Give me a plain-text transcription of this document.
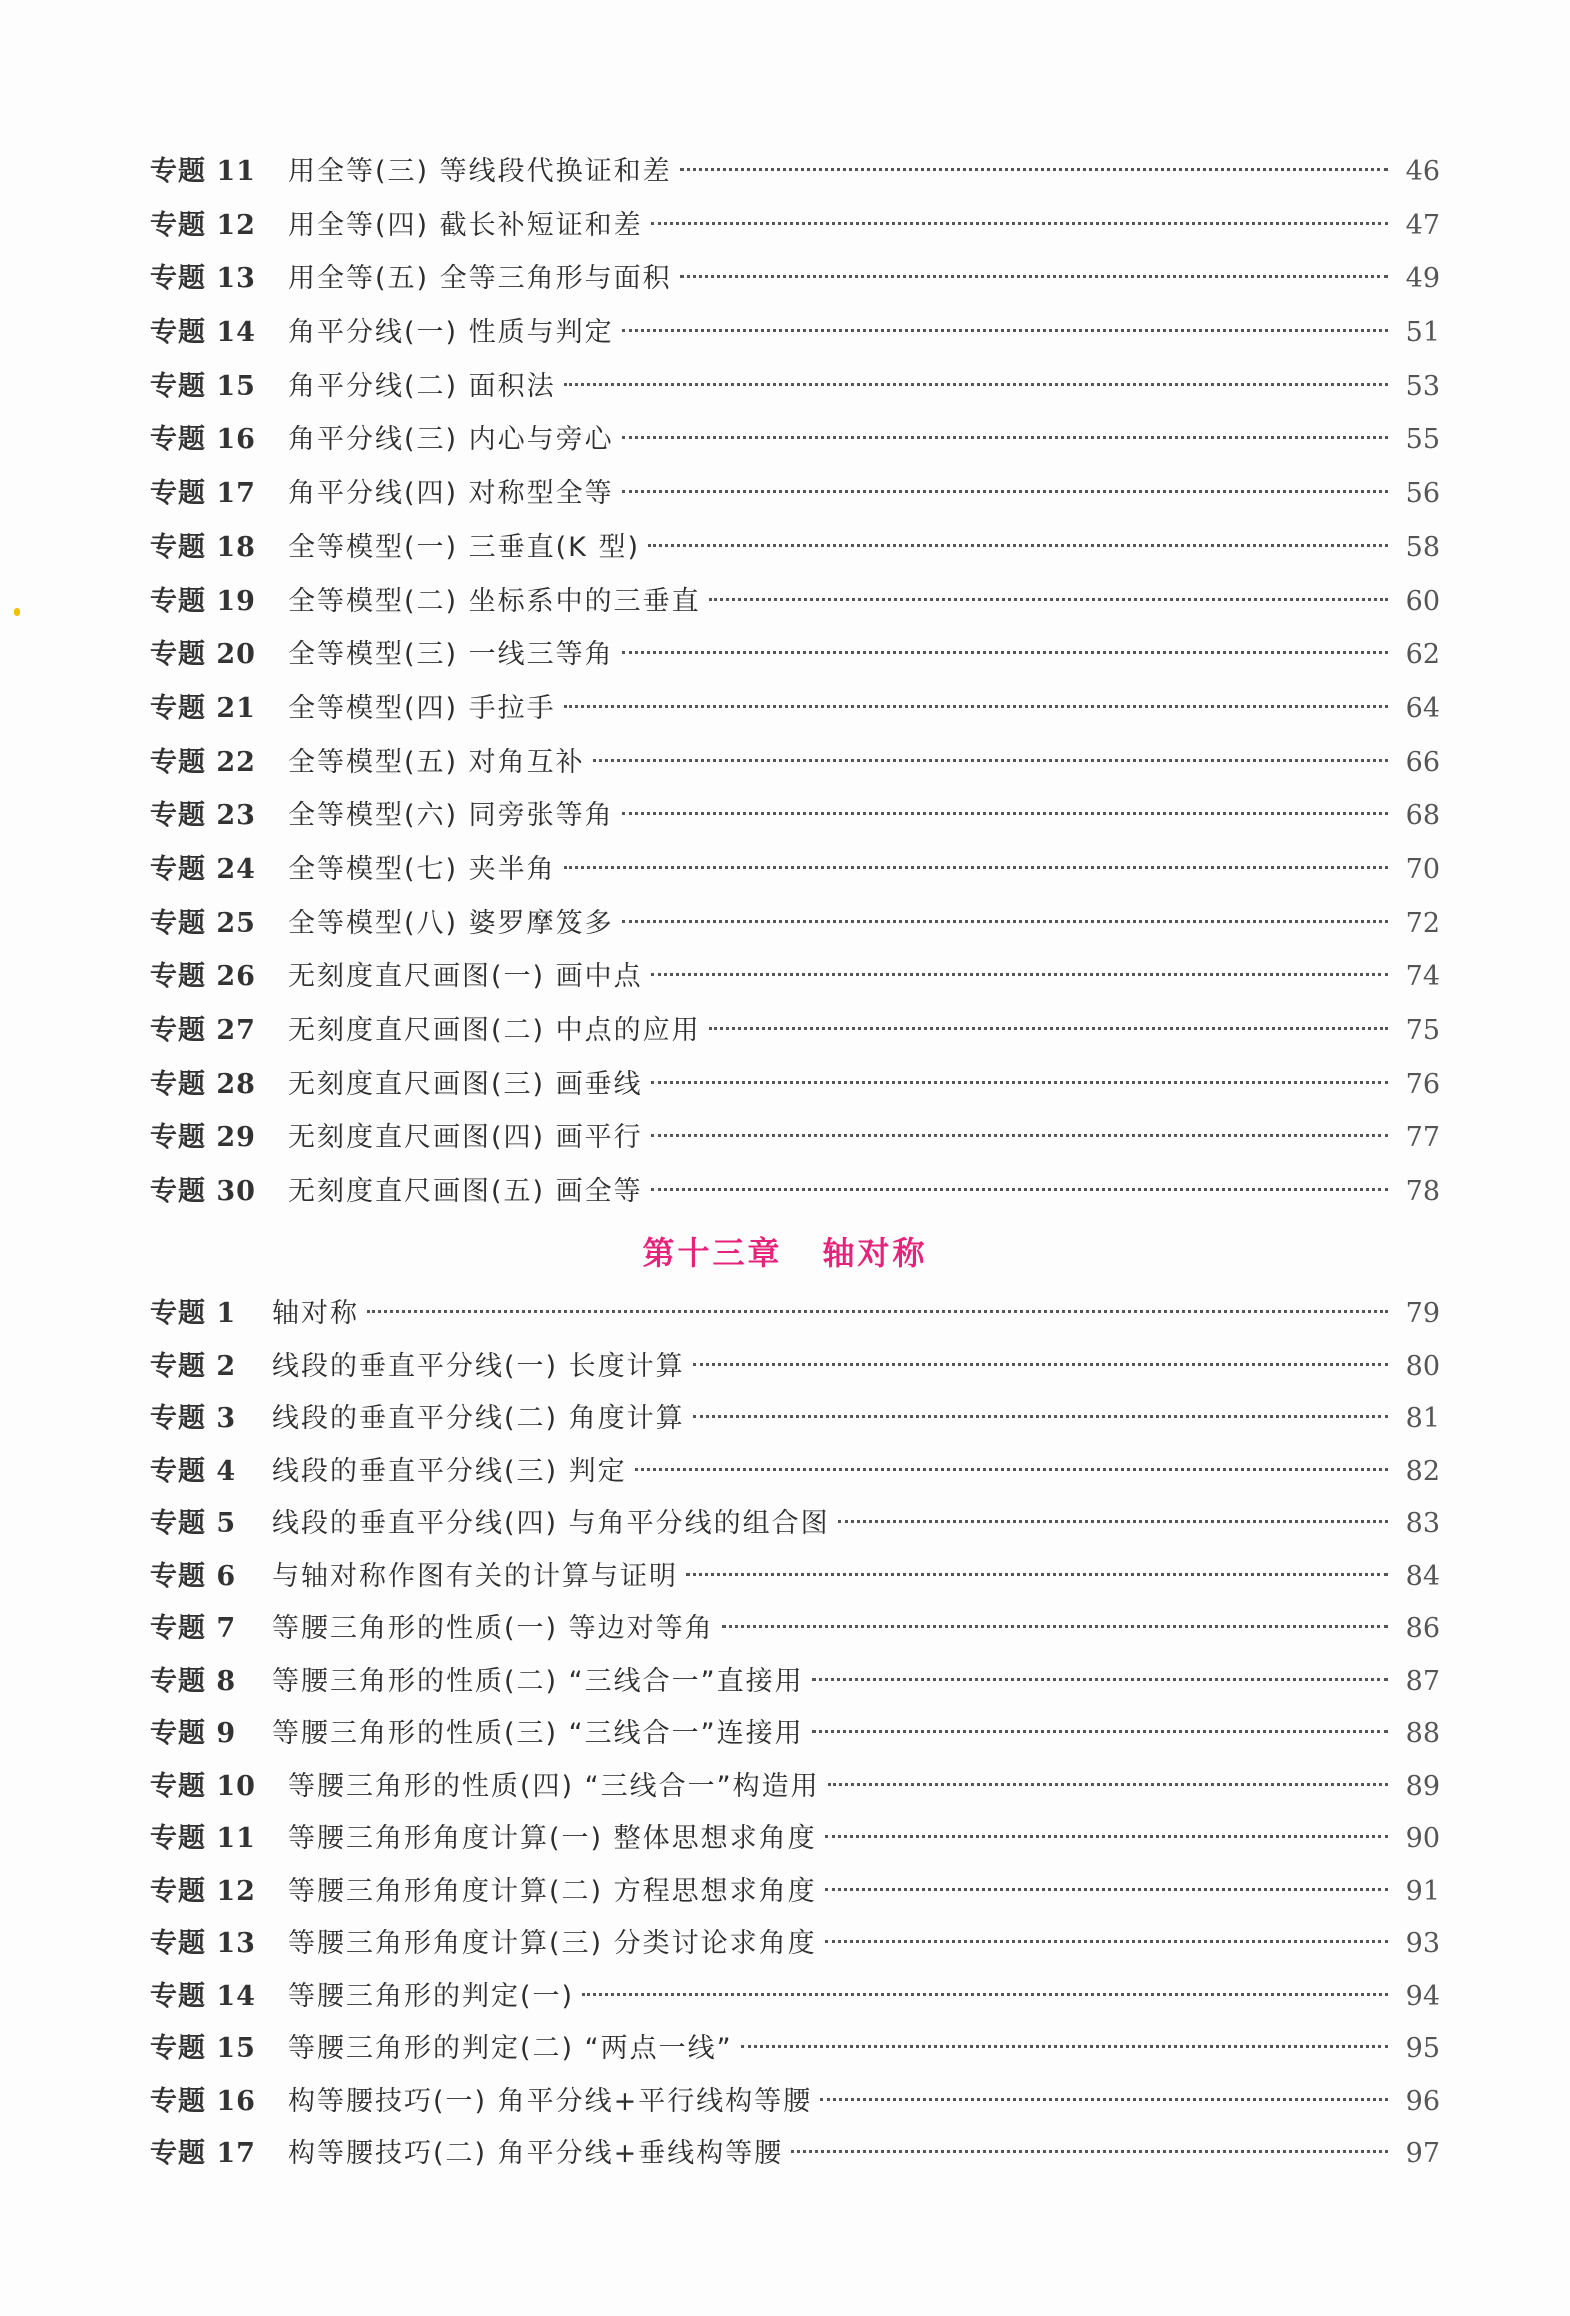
专题 11	用全等(三) 等线段代换证和差	46
专题 12	用全等(四) 截长补短证和差	47
专题 13	用全等(五) 全等三角形与面积	49
专题 14	角平分线(一) 性质与判定	51
专题 15	角平分线(二) 面积法	53
专题 16	角平分线(三) 内心与旁心	55
专题 17	角平分线(四) 对称型全等	56
专题 18	全等模型(一) 三垂直(K 型)	58
专题 19	全等模型(二) 坐标系中的三垂直	60
专题 20	全等模型(三) 一线三等角	62
专题 21	全等模型(四) 手拉手	64
专题 22	全等模型(五) 对角互补	66
专题 23	全等模型(六) 同旁张等角	68
专题 24	全等模型(七) 夹半角	70
专题 25	全等模型(八) 婆罗摩笈多	72
专题 26	无刻度直尺画图(一) 画中点	74
专题 27	无刻度直尺画图(二) 中点的应用	75
专题 28	无刻度直尺画图(三) 画垂线	76
专题 29	无刻度直尺画图(四) 画平行	77
专题 30	无刻度直尺画图(五) 画全等	78
第十三章 轴对称
专题 1	轴对称	79
专题 2	线段的垂直平分线(一) 长度计算	80
专题 3	线段的垂直平分线(二) 角度计算	81
专题 4	线段的垂直平分线(三) 判定	82
专题 5	线段的垂直平分线(四) 与角平分线的组合图	83
专题 6	与轴对称作图有关的计算与证明	84
专题 7	等腰三角形的性质(一) 等边对等角	86
专题 8	等腰三角形的性质(二) “三线合一”直接用	87
专题 9	等腰三角形的性质(三) “三线合一”连接用	88
专题 10	等腰三角形的性质(四) “三线合一”构造用	89
专题 11	等腰三角形角度计算(一) 整体思想求角度	90
专题 12	等腰三角形角度计算(二) 方程思想求角度	91
专题 13	等腰三角形角度计算(三) 分类讨论求角度	93
专题 14	等腰三角形的判定(一)	94
专题 15	等腰三角形的判定(二) “两点一线”	95
专题 16	构等腰技巧(一) 角平分线+平行线构等腰	96
专题 17	构等腰技巧(二) 角平分线+垂线构等腰	97
